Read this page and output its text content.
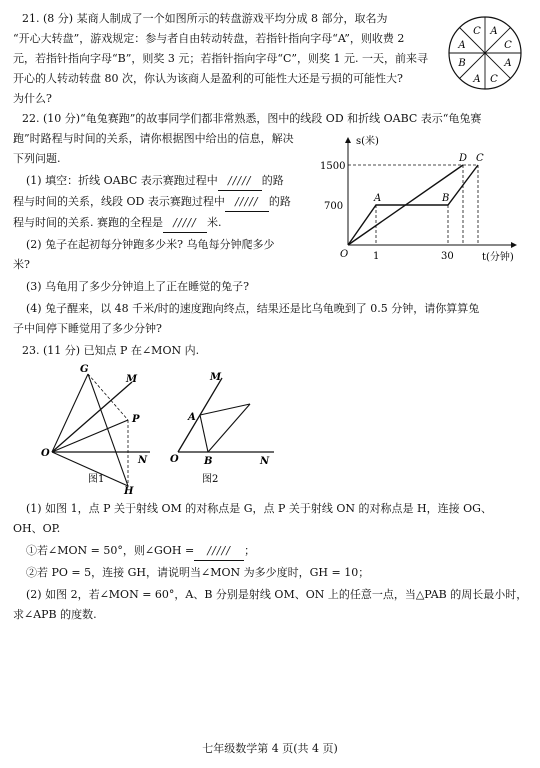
21. (8 分) 某商人制成了一个如图所示的转盘游戏平均分成 8 部分，取名为
“开心大转盘”，游戏规定：参与者自由转动转盘，若指针指向字母“A”，则收费 2
元，若指针指向字母“B”，则奖 3 元；若指针指向字母“C”，则奖 1 元. 一天，前来寻
开心的人转动转盘 80 次，你认为该商人是盈利的可能性大还是亏损的可能性大?
为什么?
C A
C
A
C
A
B
A
22. (10 分)“龟兔赛跑”的故事同学们都非常熟悉，图中的线段 OD 和折线 OABC 表示“龟兔赛
跑”时路程与时间的关系，请你根据图中给出的信息，解决
下列问题.
(1) 填空：折线 OABC 表示赛跑过程中 ///// 的路
程与时间的关系，线段 OD 表示赛跑过程中 ///// 的路
程与时间的关系. 赛跑的全程是 ///// 米.
(2) 兔子在起初每分钟跑多少米? 乌龟每分钟爬多少
米?
(3) 乌龟用了多少分钟追上了正在睡觉的兔子?
(4) 兔子醒来，以 48 千米/时的速度跑向终点，结果还是比乌龟晚到了 0.5 分钟，请你算算兔
子中间停下睡觉用了多少分钟?
s(米)
t(分钟)
1500
700
1	30
O
A	B
D C
23. (11 分) 已知点 P 在∠MON 内.
G
M
P
O
N
H
图1
M
A
O	B	N
图2
(1) 如图 1，点 P 关于射线 OM 的对称点是 G，点 P 关于射线 ON 的对称点是 H，连接 OG、
OH、OP.
①若∠MON = 50°，则∠GOH = ///// ；
②若 PO = 5，连接 GH，请说明当∠MON 为多少度时，GH = 10；
(2) 如图 2，若∠MON = 60°，A、B 分别是射线 OM、ON 上的任意一点，当△PAB 的周长最小时，
求∠APB 的度数.
七年级数学第 4 页(共 4 页)
